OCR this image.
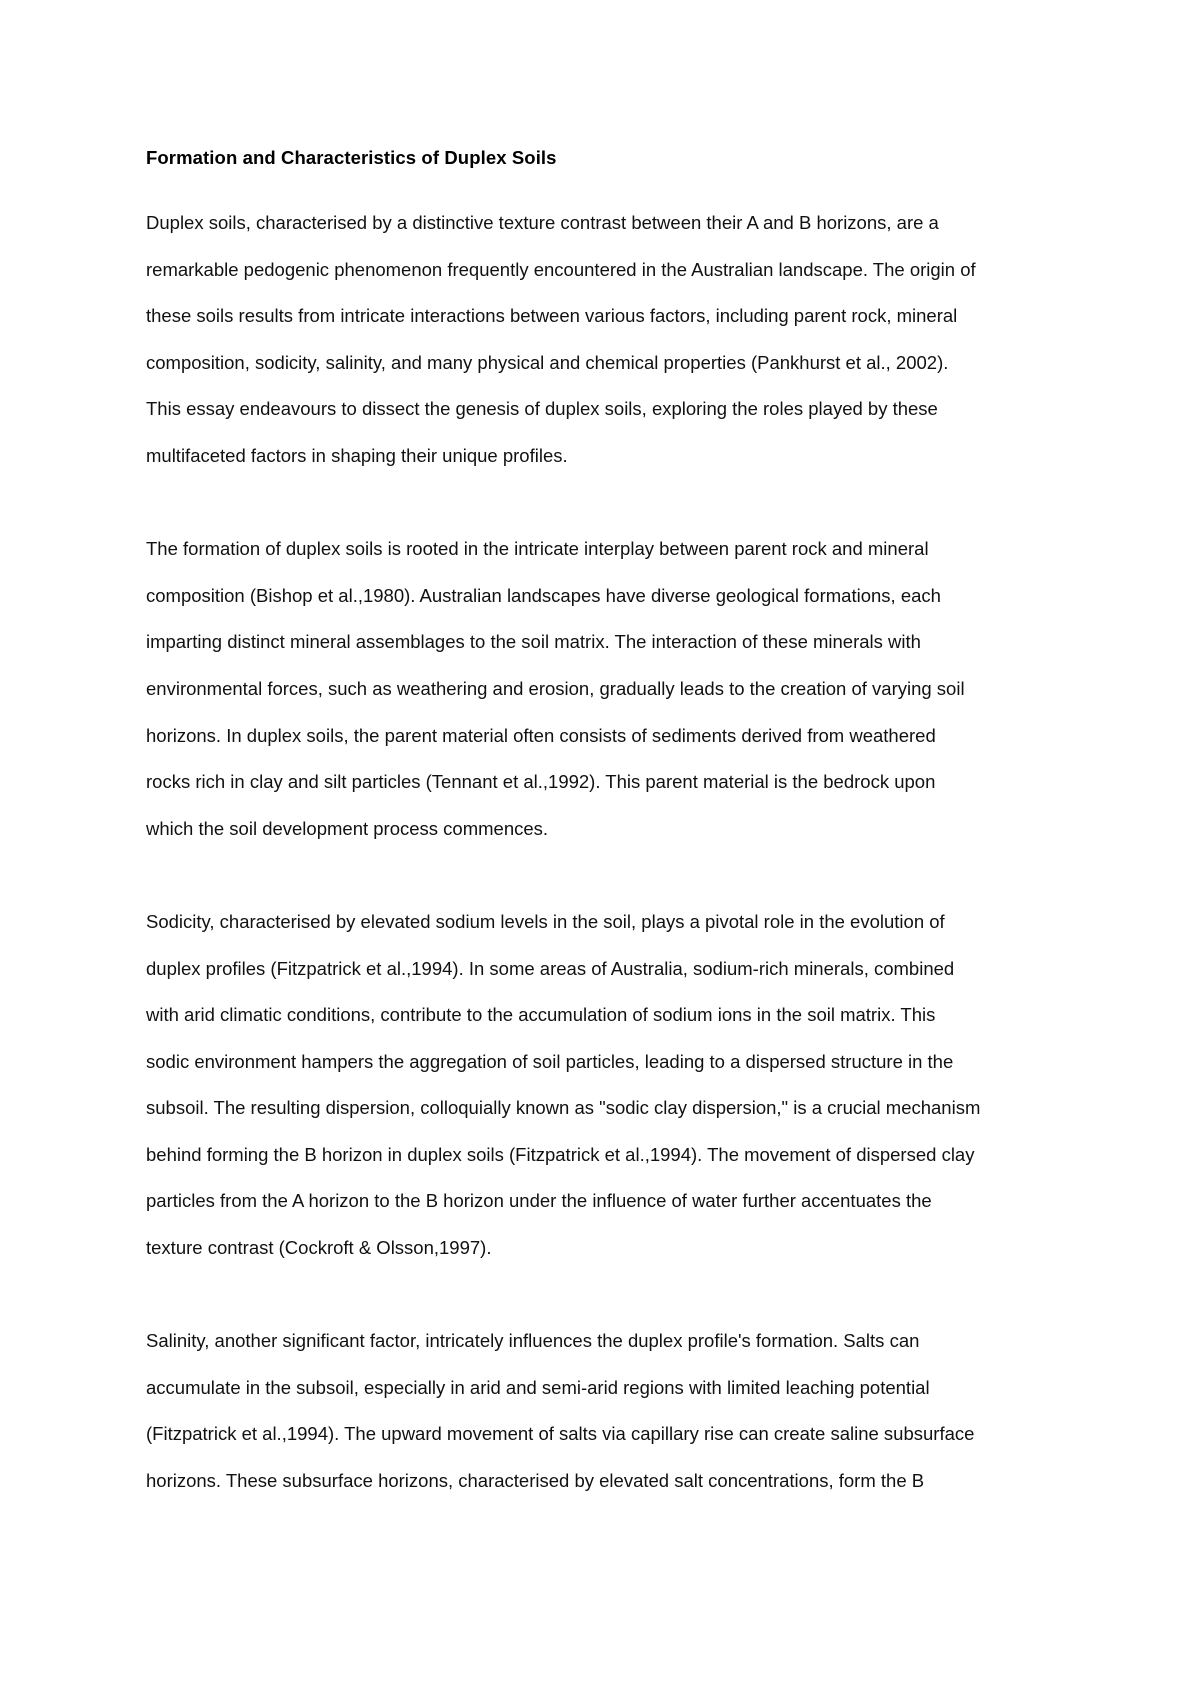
Formation and Characteristics of Duplex Soils

Duplex soils, characterised by a distinctive texture contrast between their A and B horizons, are a
remarkable pedogenic phenomenon frequently encountered in the Australian landscape. The origin of
these soils results from intricate interactions between various factors, including parent rock, mineral
composition, sodicity, salinity, and many physical and chemical properties (Pankhurst et al., 2002).
This essay endeavours to dissect the genesis of duplex soils, exploring the roles played by these
multifaceted factors in shaping their unique profiles.

The formation of duplex soils is rooted in the intricate interplay between parent rock and mineral
composition (Bishop et al.,1980). Australian landscapes have diverse geological formations, each
imparting distinct mineral assemblages to the soil matrix. The interaction of these minerals with
environmental forces, such as weathering and erosion, gradually leads to the creation of varying soil
horizons. In duplex soils, the parent material often consists of sediments derived from weathered
rocks rich in clay and silt particles (Tennant et al.,1992). This parent material is the bedrock upon
which the soil development process commences.

Sodicity, characterised by elevated sodium levels in the soil, plays a pivotal role in the evolution of
duplex profiles (Fitzpatrick et al.,1994). In some areas of Australia, sodium-rich minerals, combined
with arid climatic conditions, contribute to the accumulation of sodium ions in the soil matrix. This
sodic environment hampers the aggregation of soil particles, leading to a dispersed structure in the
subsoil. The resulting dispersion, colloquially known as "sodic clay dispersion," is a crucial mechanism
behind forming the B horizon in duplex soils (Fitzpatrick et al.,1994). The movement of dispersed clay
particles from the A horizon to the B horizon under the influence of water further accentuates the
texture contrast (Cockroft & Olsson,1997).

Salinity, another significant factor, intricately influences the duplex profile's formation. Salts can
accumulate in the subsoil, especially in arid and semi-arid regions with limited leaching potential
(Fitzpatrick et al.,1994). The upward movement of salts via capillary rise can create saline subsurface
horizons. These subsurface horizons, characterised by elevated salt concentrations, form the B
